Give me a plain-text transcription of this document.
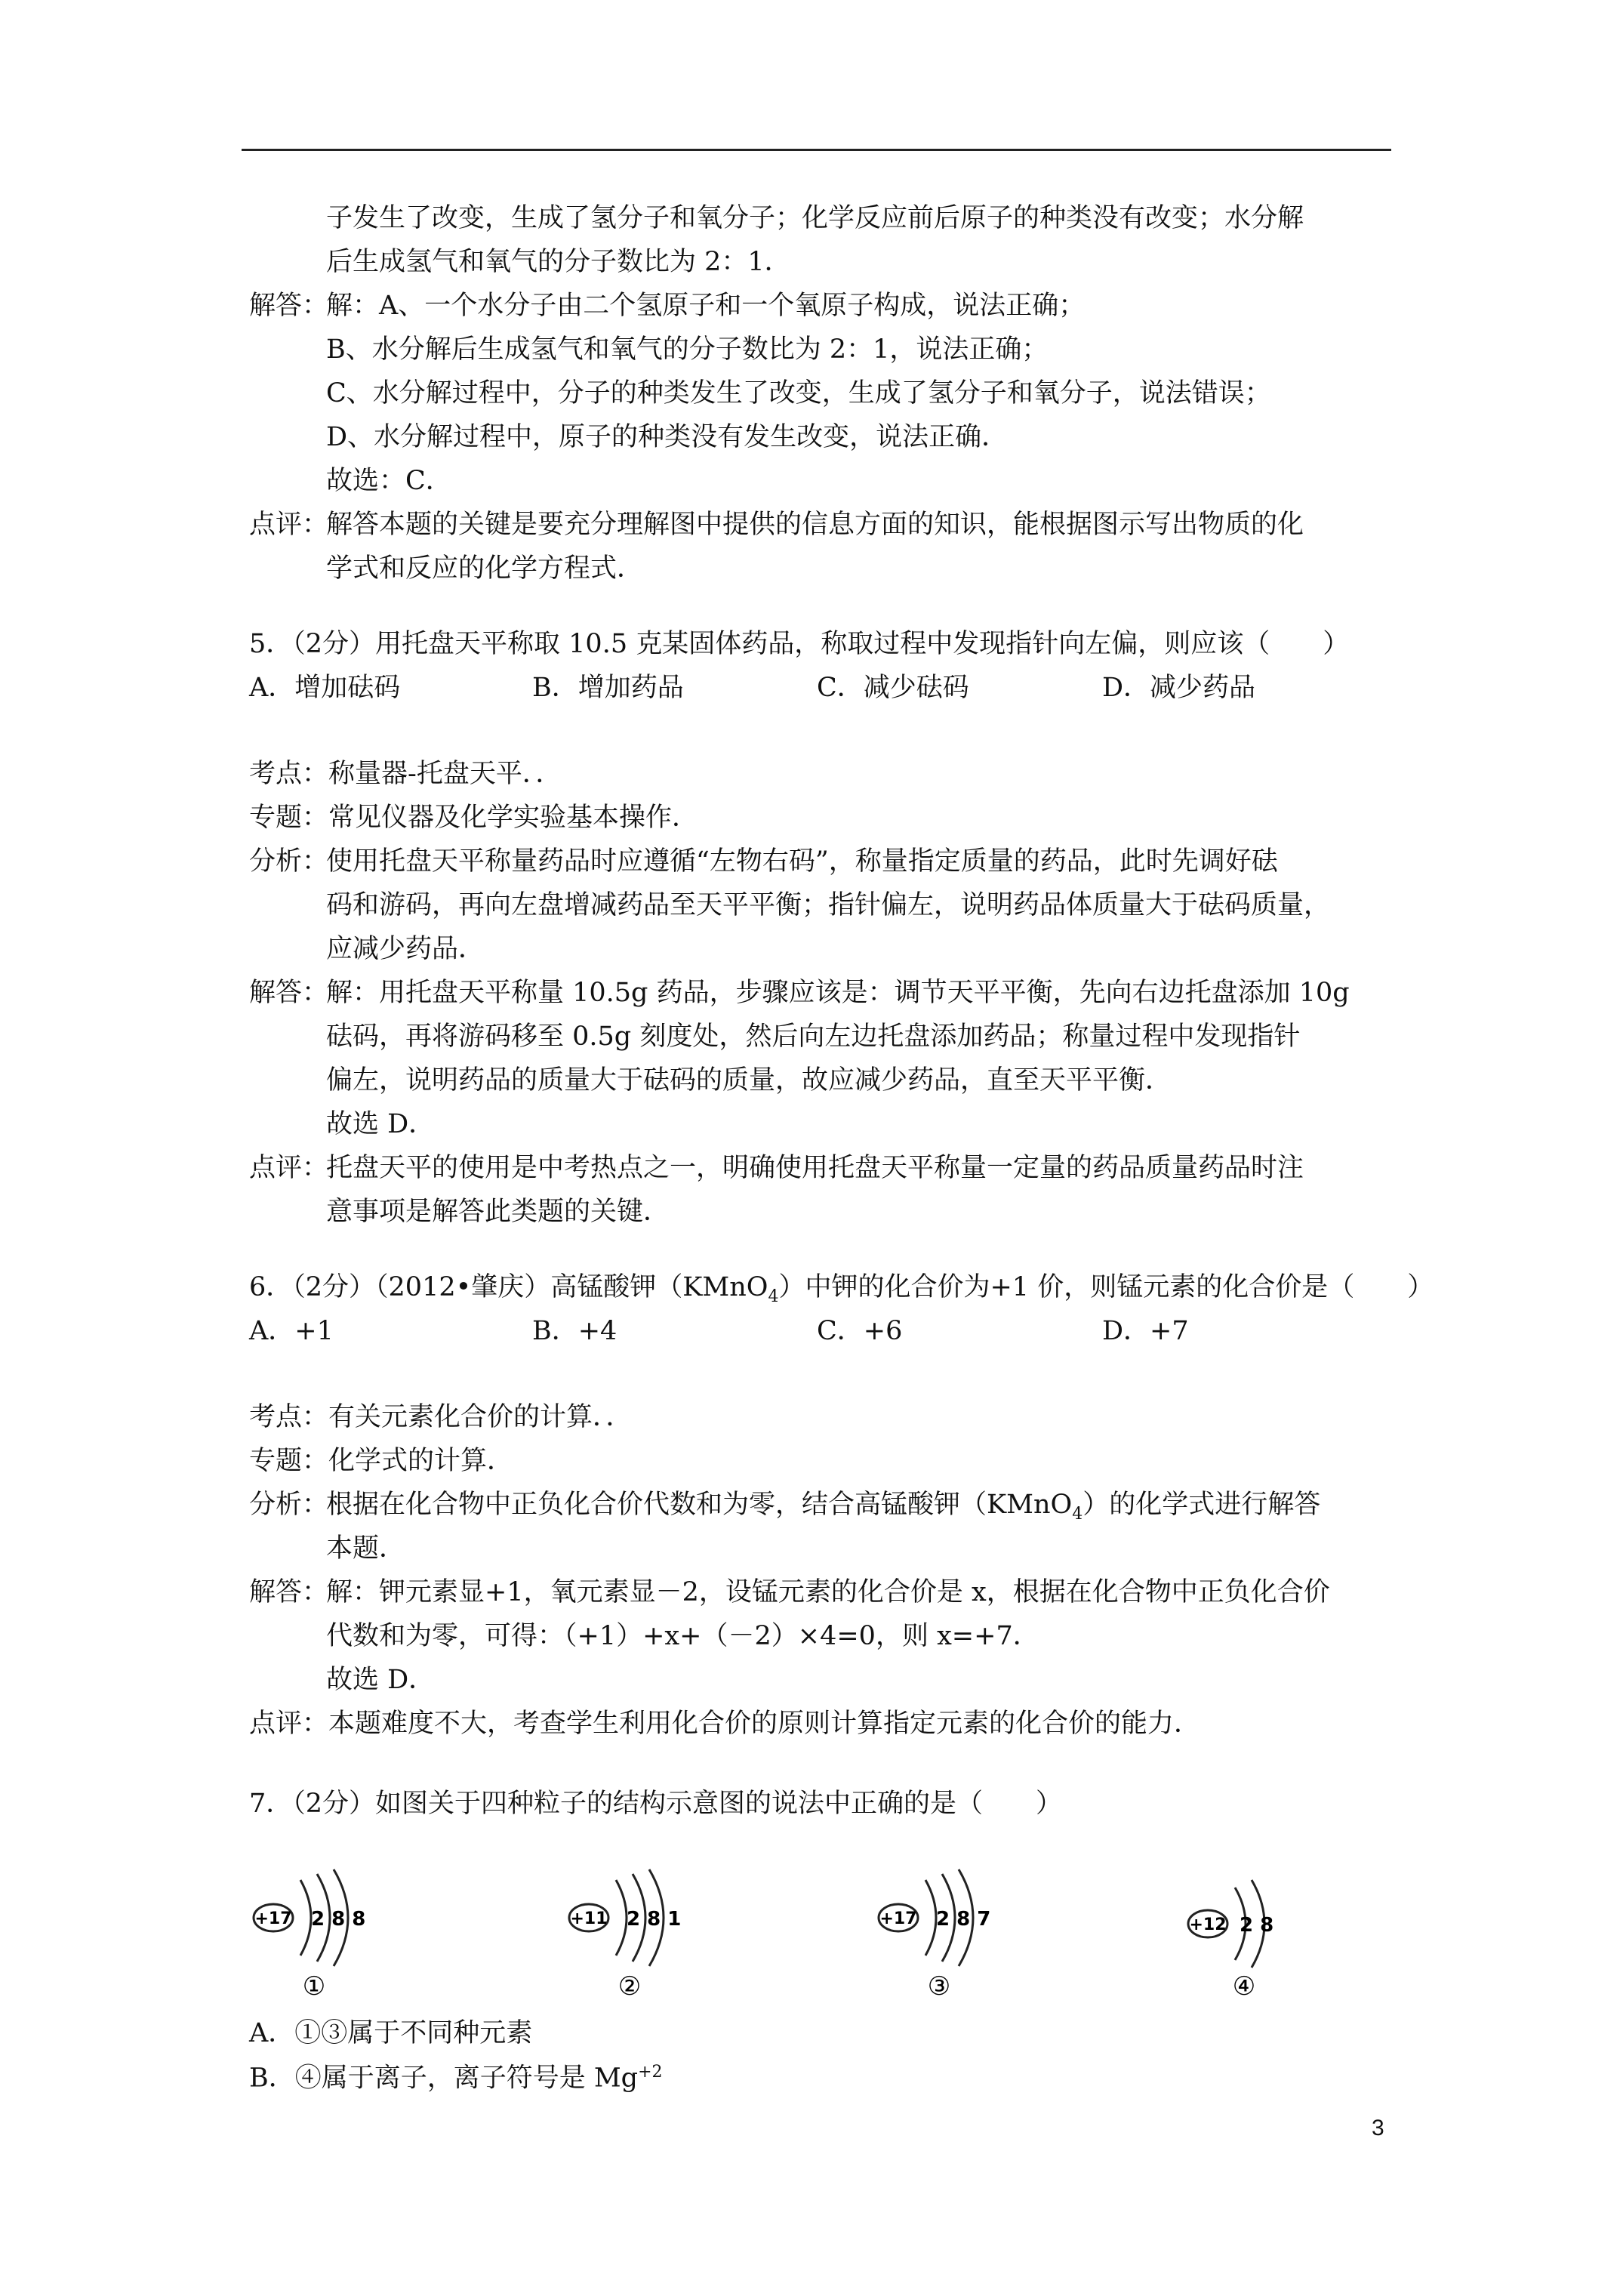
子发生了改变，生成了氢分子和氧分子；化学反应前后原子的种类没有改变；水分解
后生成氢气和氧气的分子数比为 2：1．
解答：
解：A、一个水分子由二个氢原子和一个氧原子构成，说法正确；
B、水分解后生成氢气和氧气的分子数比为 2：1，说法正确；
C、水分解过程中，分子的种类发生了改变，生成了氢分子和氧分子，说法错误；
D、水分解过程中，原子的种类没有发生改变，说法正确．
故选：C．
点评：
解答本题的关键是要充分理解图中提供的信息方面的知识，能根据图示写出物质的化
学式和反应的化学方程式．
5．（2分）用托盘天平称取 10.5 克某固体药品，称取过程中发现指针向左偏，则应该（　　）
A．增加砝码	B．增加药品	C．减少砝码	D．减少药品
考点：称量器-托盘天平．．
专题：常见仪器及化学实验基本操作．
分析：
使用托盘天平称量药品时应遵循“左物右码”，称量指定质量的药品，此时先调好砝
码和游码，再向左盘增减药品至天平平衡；指针偏左，说明药品体质量大于砝码质量，
应减少药品．
解答：
解：用托盘天平称量 10.5g 药品，步骤应该是：调节天平平衡，先向右边托盘添加 10g
砝码，再将游码移至 0.5g 刻度处，然后向左边托盘添加药品；称量过程中发现指针
偏左，说明药品的质量大于砝码的质量，故应减少药品，直至天平平衡．
故选 D．
点评：
托盘天平的使用是中考热点之一，明确使用托盘天平称量一定量的药品质量药品时注
意事项是解答此类题的关键．
6．（2分）（2012•肇庆）高锰酸钾（KMnO$_4$）中钾的化合价为+1 价，则锰元素的化合价是（　　）
A．+1	B．+4	C．+6	D．+7
考点：有关元素化合价的计算．．
专题：化学式的计算．
分析：
根据在化合物中正负化合价代数和为零，结合高锰酸钾（KMnO$_4$）的化学式进行解答
本题．
解答：
解：钾元素显+1，氧元素显－2，设锰元素的化合价是 x，根据在化合物中正负化合价
代数和为零，可得：（+1）+x+（－2）×4=0，则 x=+7．
故选 D．
点评：本题难度不大，考查学生利用化合价的原则计算指定元素的化合价的能力．
7．（2分）如图关于四种粒子的结构示意图的说法中正确的是（　　）
+17 2 8 8
①
+11 2 8 1
②
+17 2 8 7
③
+12 2 8
④
A．①③属于不同种元素
B．④属于离子，离子符号是 $Mg^{+2}$
3
